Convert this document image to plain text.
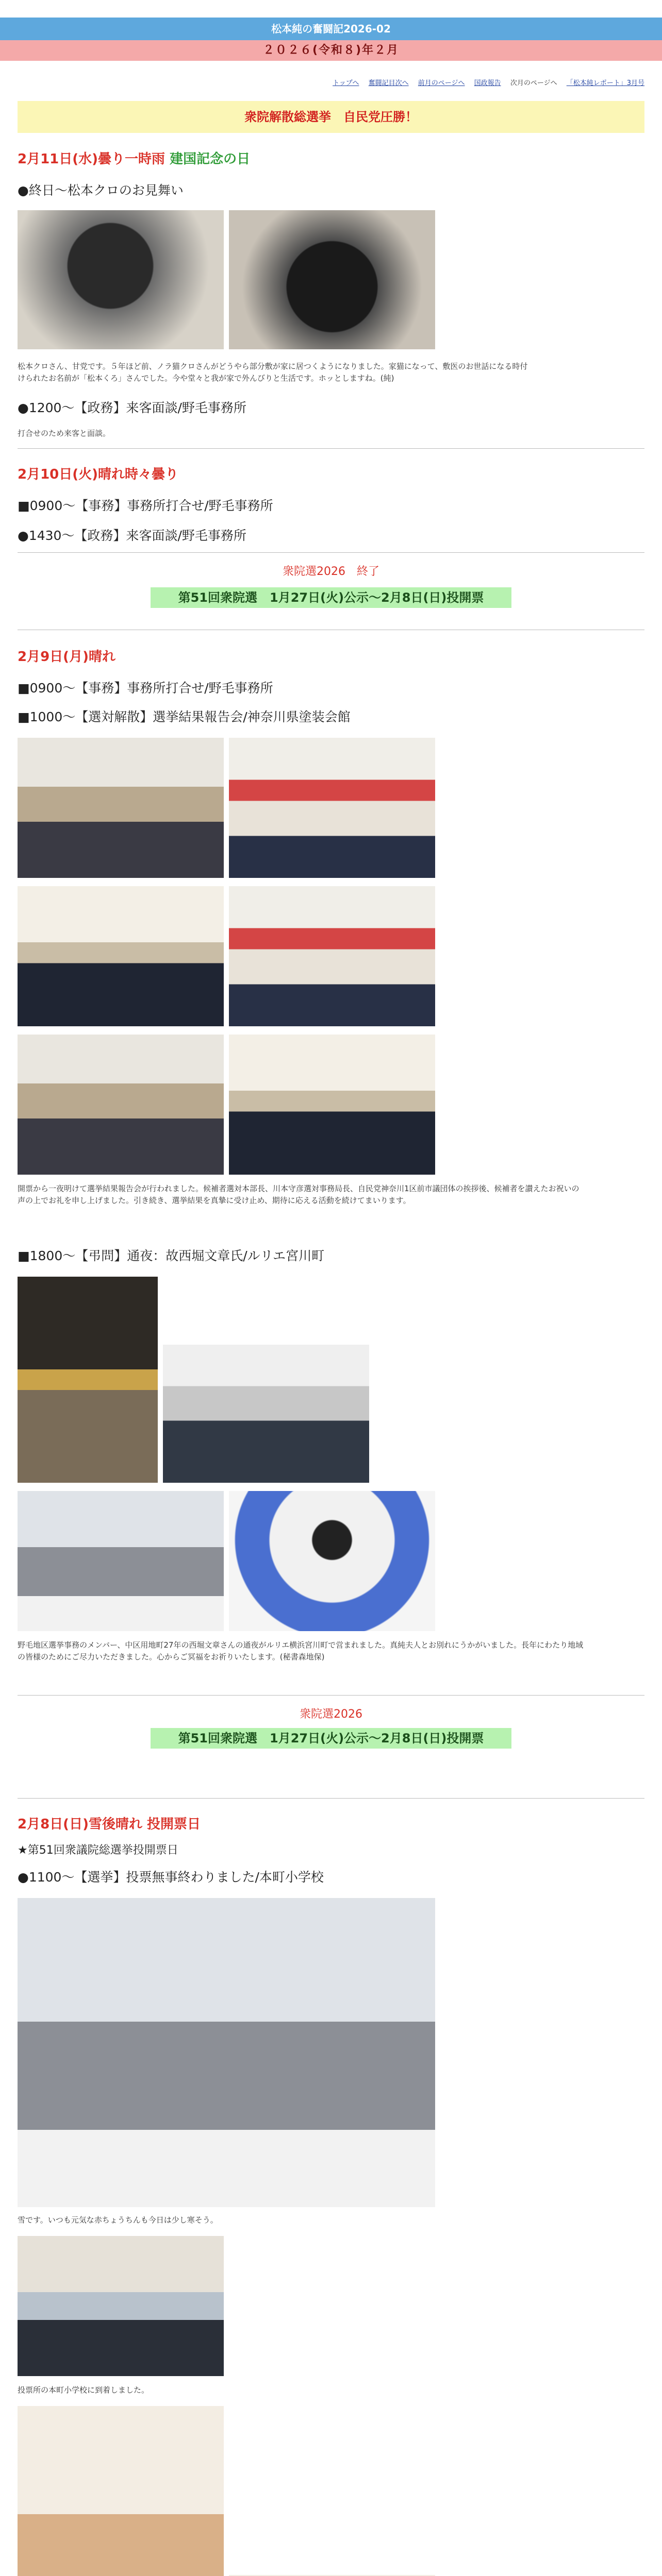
松本純の奮闘記2026-02
２０２６(令和８)年２月
トップへ 奮闘記目次へ 前月のページへ 国政報告 次月のページへ 「松本純レポート」3月号
衆院解散総選挙　自民党圧勝！
2月11日(水)曇り一時雨 建国記念の日
●終日～松本クロのお見舞い
松本クロさん、甘党です。５年ほど前、ノラ猫クロさんがどうやら部分敷が家に居つくようになりました。家猫になって、敷医のお世話になる時付けられたお名前が「松本くろ」さんでした。今や堂々と我が家で外んびりと生活です。ホッとしますね。(純)
●1200～【政務】来客面談/野毛事務所
打合せのため来客と面談。
2月10日(火)晴れ時々曇り
■0900～【事務】事務所打合せ/野毛事務所
●1430～【政務】来客面談/野毛事務所
衆院選2026　終了
第51回衆院選　1月27日(火)公示～2月8日(日)投開票
2月9日(月)晴れ
■0900～【事務】事務所打合せ/野毛事務所
■1000～【選対解散】選挙結果報告会/神奈川県塗装会館
開票から一夜明けて選挙結果報告会が行われました。候補者選対本部長、川本守彦選対事務局長、自民党神奈川1区前市議団体の挨拶後、候補者を讃えたお祝いの声の上でお礼を申し上げました。引き続き、選挙結果を真摯に受け止め、期待に応える活動を続けてまいります。
■1800～【弔問】通夜：故西堀文章氏/ルリエ宮川町
野毛地区選挙事務のメンバー、中区用地町27年の西堀文章さんの通夜がルリエ横浜宮川町で営まれました。真純夫人とお別れにうかがいました。長年にわたり地域の皆様のためにご尽力いただきました。心からご冥福をお祈りいたします。(秘書森地保)
衆院選2026
第51回衆院選　1月27日(火)公示～2月8日(日)投開票
2月8日(日)雪後晴れ 投開票日
★第51回衆議院総選挙投開票日
●1100～【選挙】投票無事終わりました/本町小学校
雪です。いつも元気な赤ちょうちんも今日は少し寒そう。
投票所の本町小学校に到着しました。
